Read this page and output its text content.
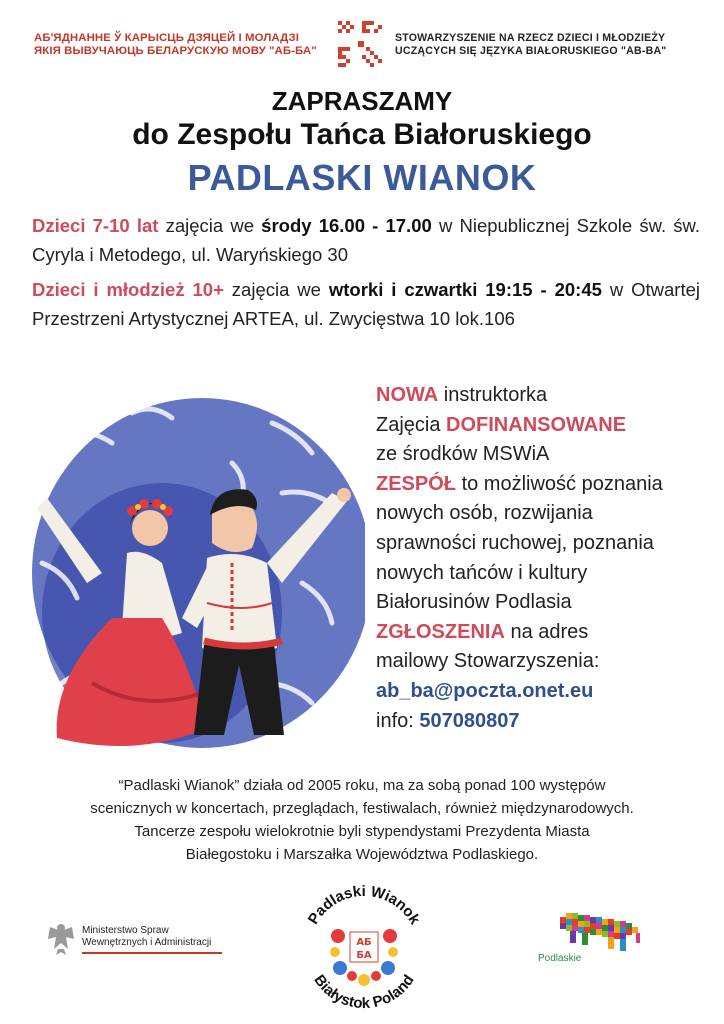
АБ'ЯДНАННЕ Ў КАРЫСЦЬ ДЗЯЦЕЙ І МОЛАДЗІ
ЯКІЯ ВЫВУЧАЮЦЬ БЕЛАРУСКУЮ МОВУ "АБ-БА"
STOWARZYSZENIE NA RZECZ DZIECI I MŁODZIEŻY
UCZĄCYCH SIĘ JĘZYKA BIAŁORUSKIEGO "AB-BA"
ZAPRASZAMY
do Zespołu Tańca Białoruskiego
PADLASKI WIANOK
Dzieci 7-10 lat zajęcia we środy 16.00 - 17.00 w Niepublicznej Szkole św. św. Cyryla i Metodego, ul. Waryńskiego 30
Dzieci i młodzież 10+ zajęcia we wtorki i czwartki 19:15 - 20:45 w Otwartej Przestrzeni Artystycznej ARTEA, ul. Zwycięstwa 10 lok.106
NOWA instruktorka
Zajęcia DOFINANSOWANE
ze środków MSWiA
ZESPÓŁ to możliwość poznania
nowych osób, rozwijania
sprawności ruchowej, poznania
nowych tańców i kultury
Białorusinów Podlasia
ZGŁOSZENIA na adres
mailowy Stowarzyszenia:
ab_ba@poczta.onet.eu
info: 507080807
“Padlaski Wianok” działa od 2005 roku, ma za sobą ponad 100 występów
scenicznych w koncertach, przeglądach, festiwalach, również międzynarodowych.
Tancerze zespołu wielokrotnie byli stypendystami Prezydenta Miasta
Białegostoku i Marszałka Województwa Podlaskiego.
Ministerstwo Spraw
Wewnętrznych i Administracji
Padlaski Wianok
Białystok Poland
АБ
БА	Podlaskie
